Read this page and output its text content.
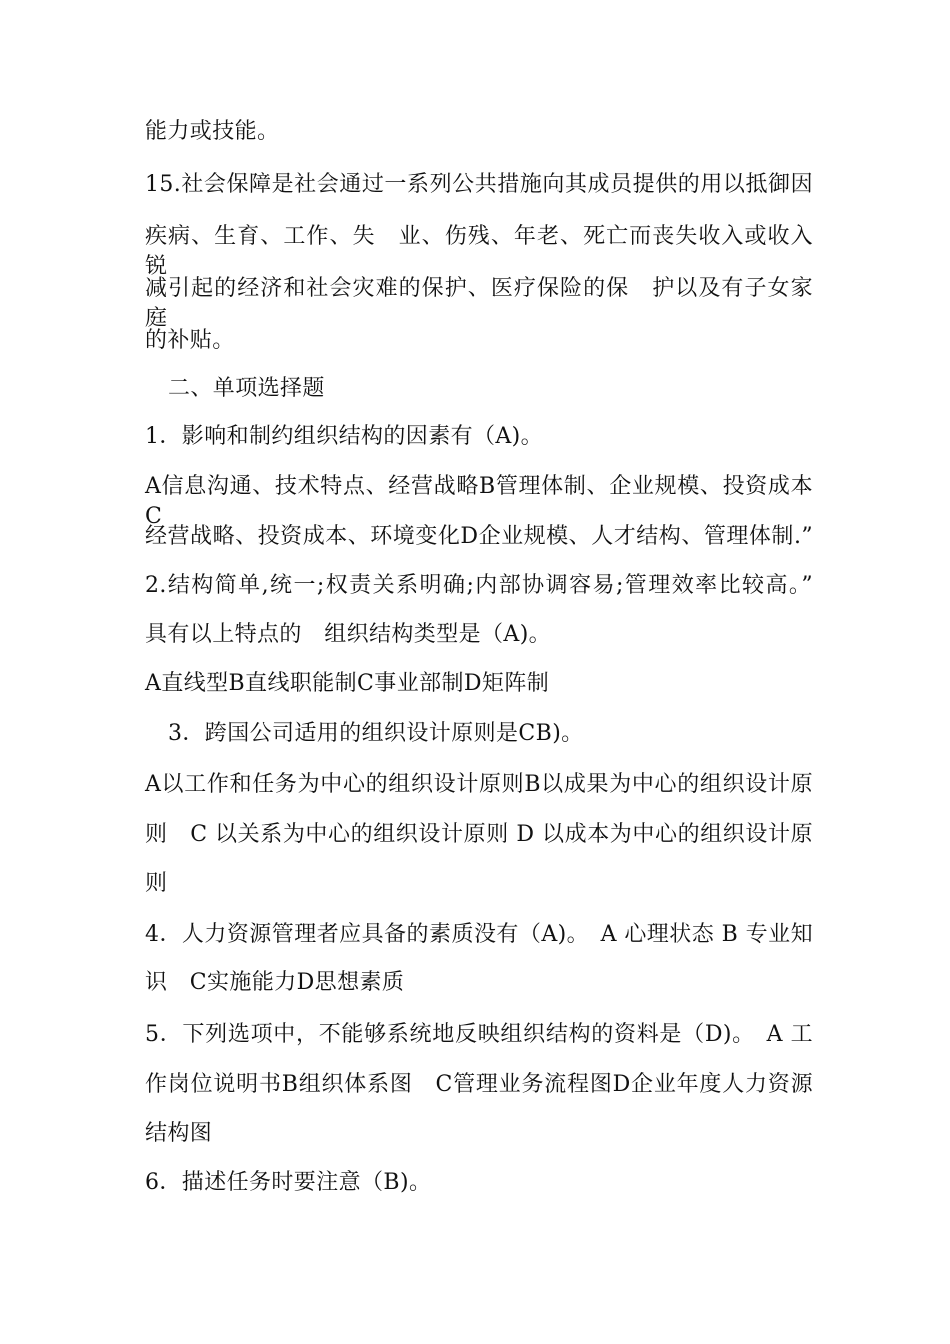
能力或技能。
15.社会保障是社会通过一系列公共措施向其成员提供的用以抵御因
疾病、生育、工作、失　业、伤残、年老、死亡而丧失收入或收入锐
减引起的经济和社会灾难的保护、医疗保险的保　护以及有子女家庭
的补贴。
二、单项选择题
1．影响和制约组织结构的因素有（A)。
A信息沟通、技术特点、经营战略B管理体制、企业规模、投资成本　C
经营战略、投资成本、环境变化D企业规模、人才结构、管理体制.”
2.结构简单,统一;权责关系明确;内部协调容易;管理效率比较高。”
具有以上特点的　组织结构类型是（A)。
A直线型B直线职能制C事业部制D矩阵制
3．跨国公司适用的组织设计原则是CB)。
A以工作和任务为中心的组织设计原则B以成果为中心的组织设计原
则　C 以关系为中心的组织设计原则 D 以成本为中心的组织设计原
则
4．人力资源管理者应具备的素质没有（A)。　A 心理状态 B 专业知
识　C实施能力D思想素质
5．下列选项中，不能够系统地反映组织结构的资料是（D)。　A 工
作岗位说明书B组织体系图　C管理业务流程图D企业年度人力资源
结构图
6．描述任务时要注意（B)。
